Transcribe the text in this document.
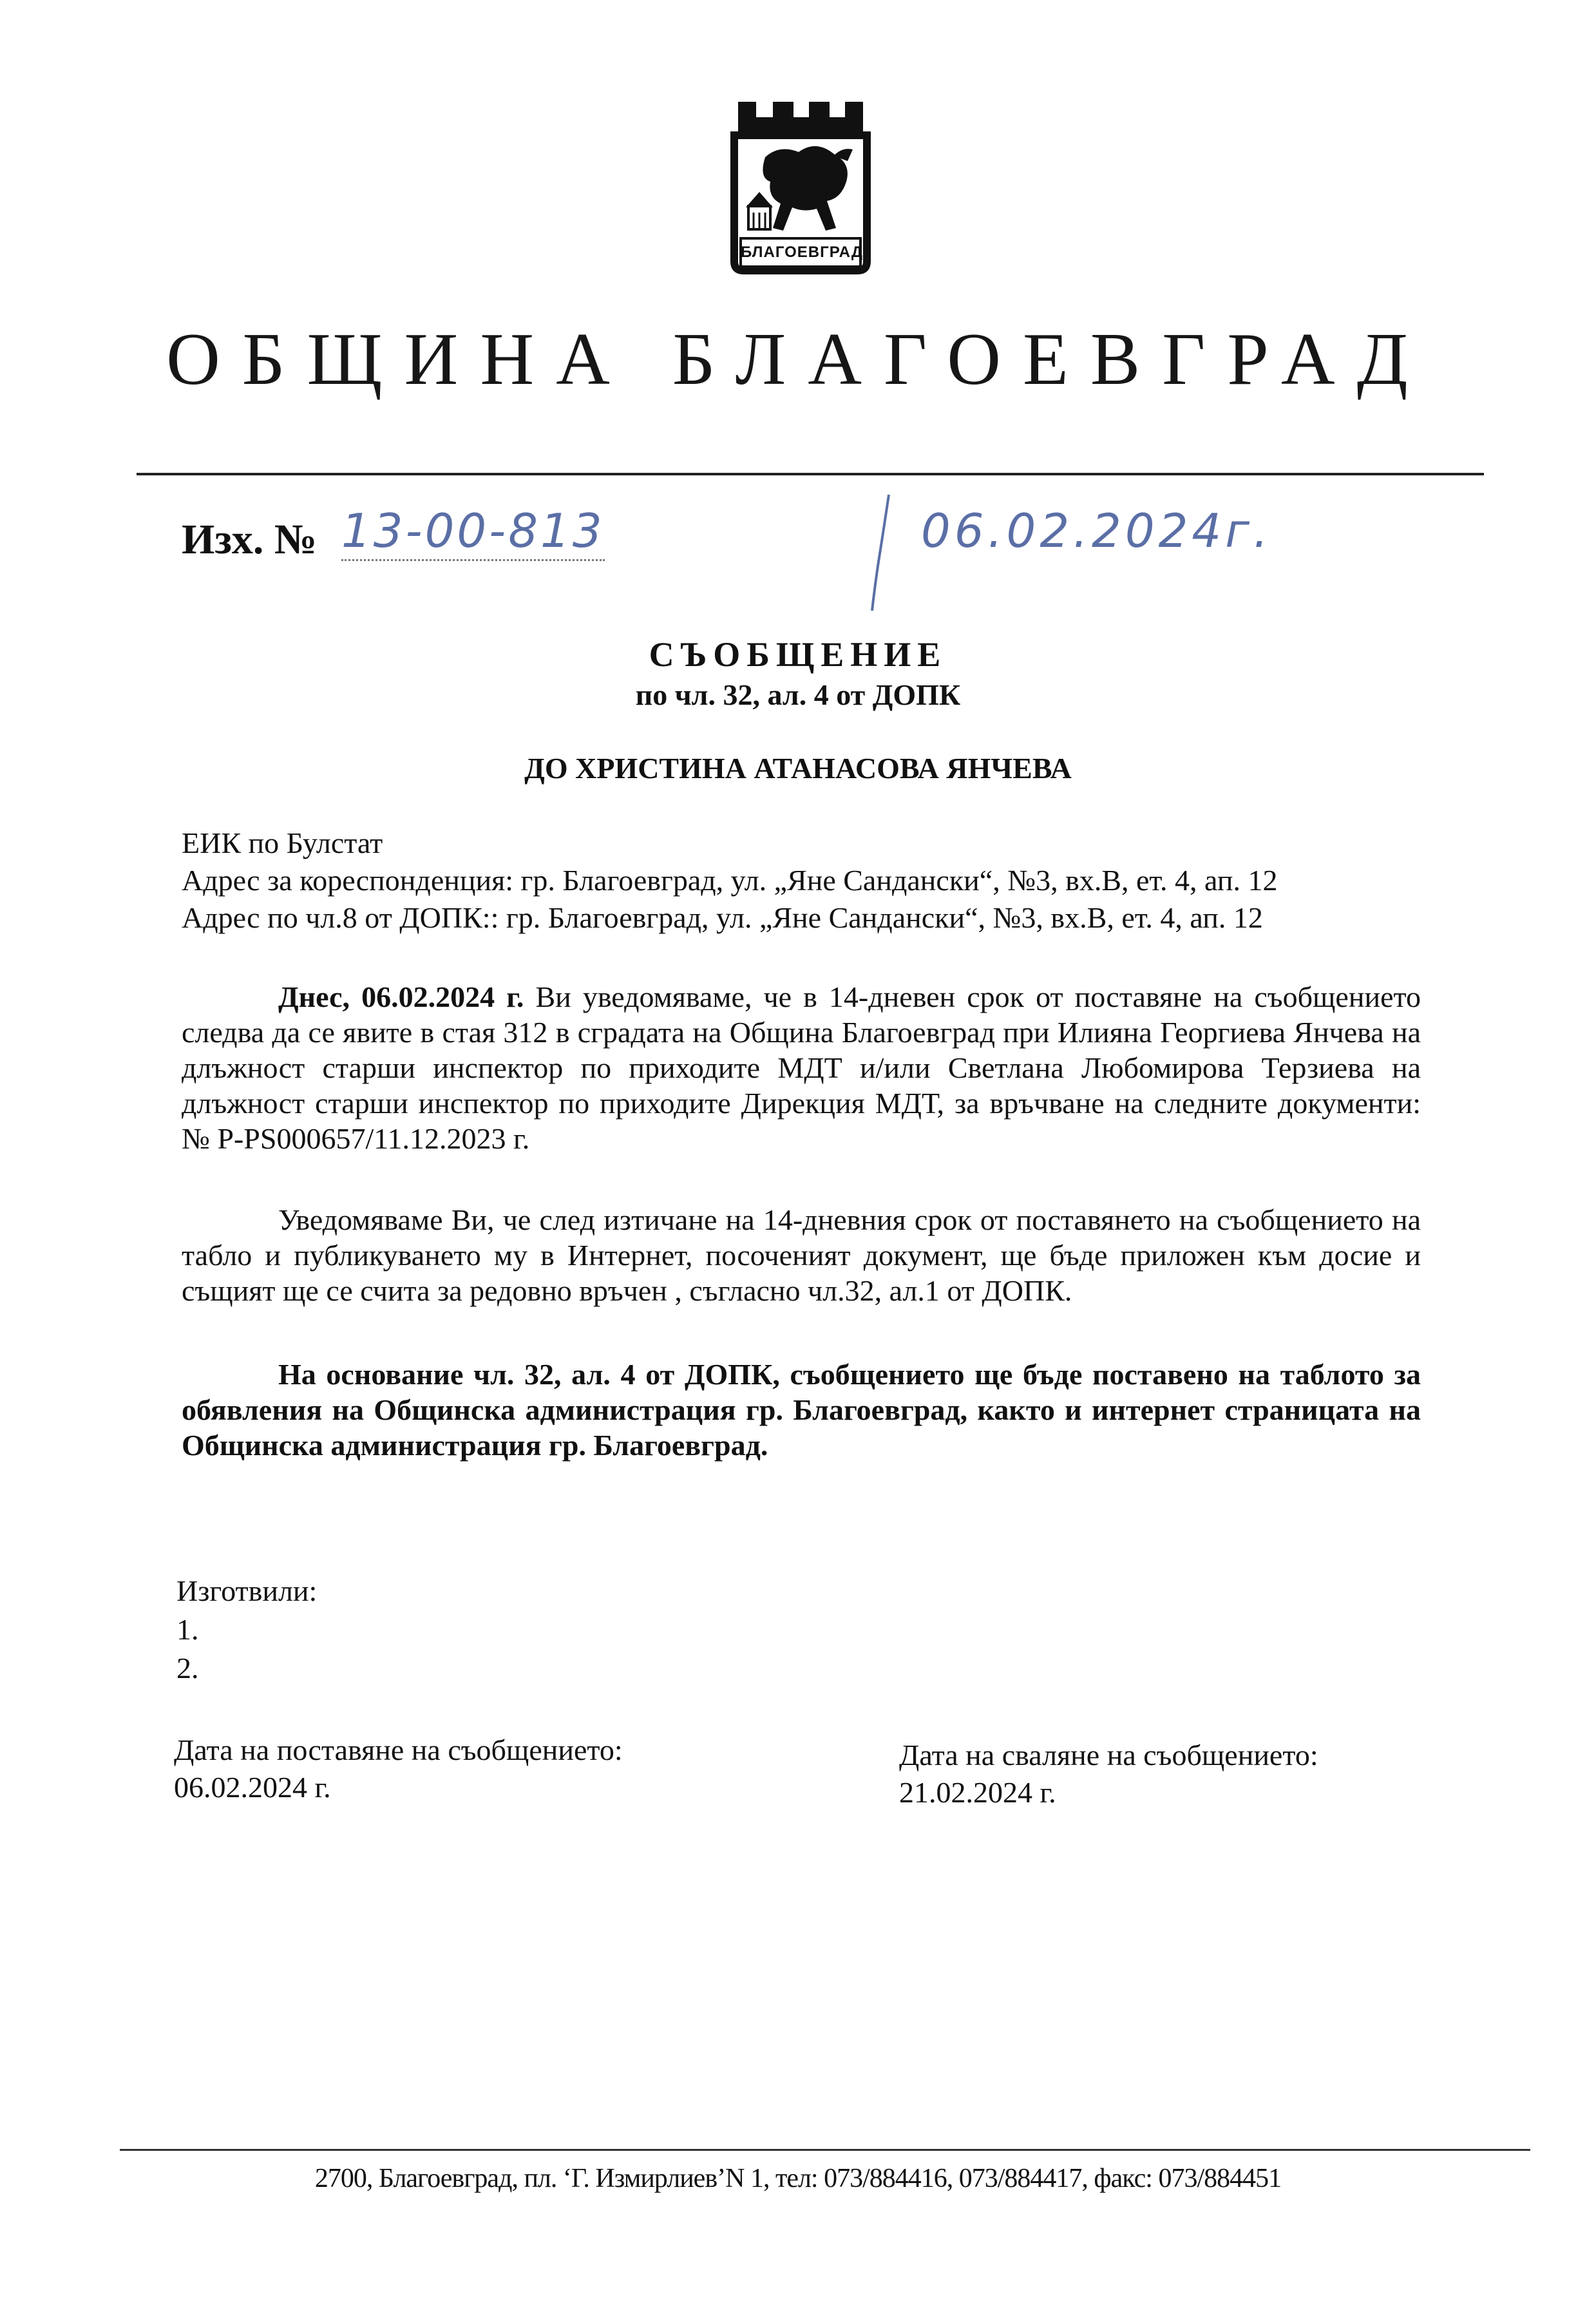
БЛАГОЕВГРАД
ОБЩИНА БЛАГОЕВГРАД
Изх. № 13-00-813	06.02.2024г.
СЪОБЩЕНИЕ
по чл. 32, ал. 4 от ДОПК
ДО ХРИСТИНА АТАНАСОВА ЯНЧЕВА
ЕИК по Булстат
Адрес за кореспонденция: гр. Благоевград, ул. „Яне Сандански“, №3, вх.В, ет. 4, ап. 12
Адрес по чл.8 от ДОПК:: гр. Благоевград, ул. „Яне Сандански“, №3, вх.В, ет. 4, ап. 12
Днес, 06.02.2024 г. Ви уведомяваме, че в 14-дневен срок от поставяне на съобщението следва да се явите в стая 312 в сградата на Община Благоевград при Илияна Георгиева Янчева на длъжност старши инспектор по приходите МДТ и/или Светлана Любомирова Терзиева на длъжност старши инспектор по приходите Дирекция МДТ, за връчване на следните документи: № P-PS000657/11.12.2023 г.
Уведомяваме Ви, че след изтичане на 14-дневния срок от поставянето на съобщението на табло и публикуването му в Интернет, посоченият документ, ще бъде приложен към досие и същият ще се счита за редовно връчен , съгласно чл.32, ал.1 от ДОПК.
На основание чл. 32, ал. 4 от ДОПК, съобщението ще бъде поставено на таблото за обявления на Общинска администрация гр. Благоевград, както и интернет страницата на Общинска администрация гр. Благоевград.
Изготвили:
1.
2.
Дата на поставяне на съобщението:
06.02.2024 г.
Дата на сваляне на съобщението:
21.02.2024 г.
2700, Благоевград, пл. ‘Г. Измирлиев’N 1, тел: 073/884416, 073/884417, факс: 073/884451
